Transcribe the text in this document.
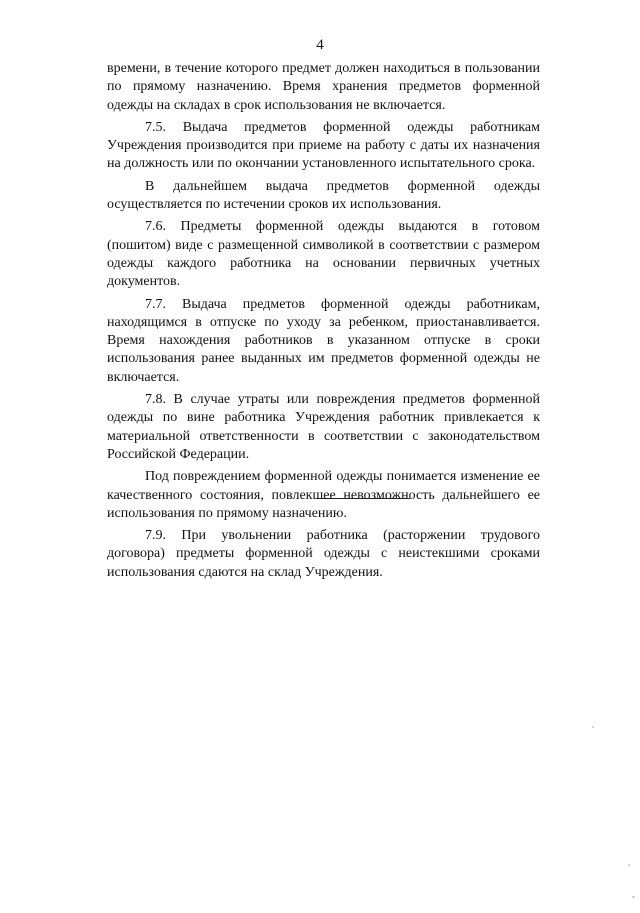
4

времени, в течение которого предмет должен находиться в пользовании по прямому назначению. Время хранения предметов форменной одежды на складах в срок использования не включается.

7.5. Выдача предметов форменной одежды работникам Учреждения производится при приеме на работу с даты их назначения на должность или по окончании установленного испытательного срока.

В дальнейшем выдача предметов форменной одежды осуществляется по истечении сроков их использования.

7.6. Предметы форменной одежды выдаются в готовом (пошитом) виде с размещенной символикой в соответствии с размером одежды каждого работника на основании первичных учетных документов.

7.7. Выдача предметов форменной одежды работникам, находящимся в отпуске по уходу за ребенком, приостанавливается. Время нахождения работников в указанном отпуске в сроки использования ранее выданных им предметов форменной одежды не включается.

7.8. В случае утраты или повреждения предметов форменной одежды по вине работника Учреждения работник привлекается к материальной ответственности в соответствии с законодательством Российской Федерации.

Под повреждением форменной одежды понимается изменение ее качественного состояния, повлекшее невозможность дальнейшего ее использования по прямому назначению.

7.9. При увольнении работника (расторжении трудового договора) предметы форменной одежды с неистекшими сроками использования сдаются на склад Учреждения.
